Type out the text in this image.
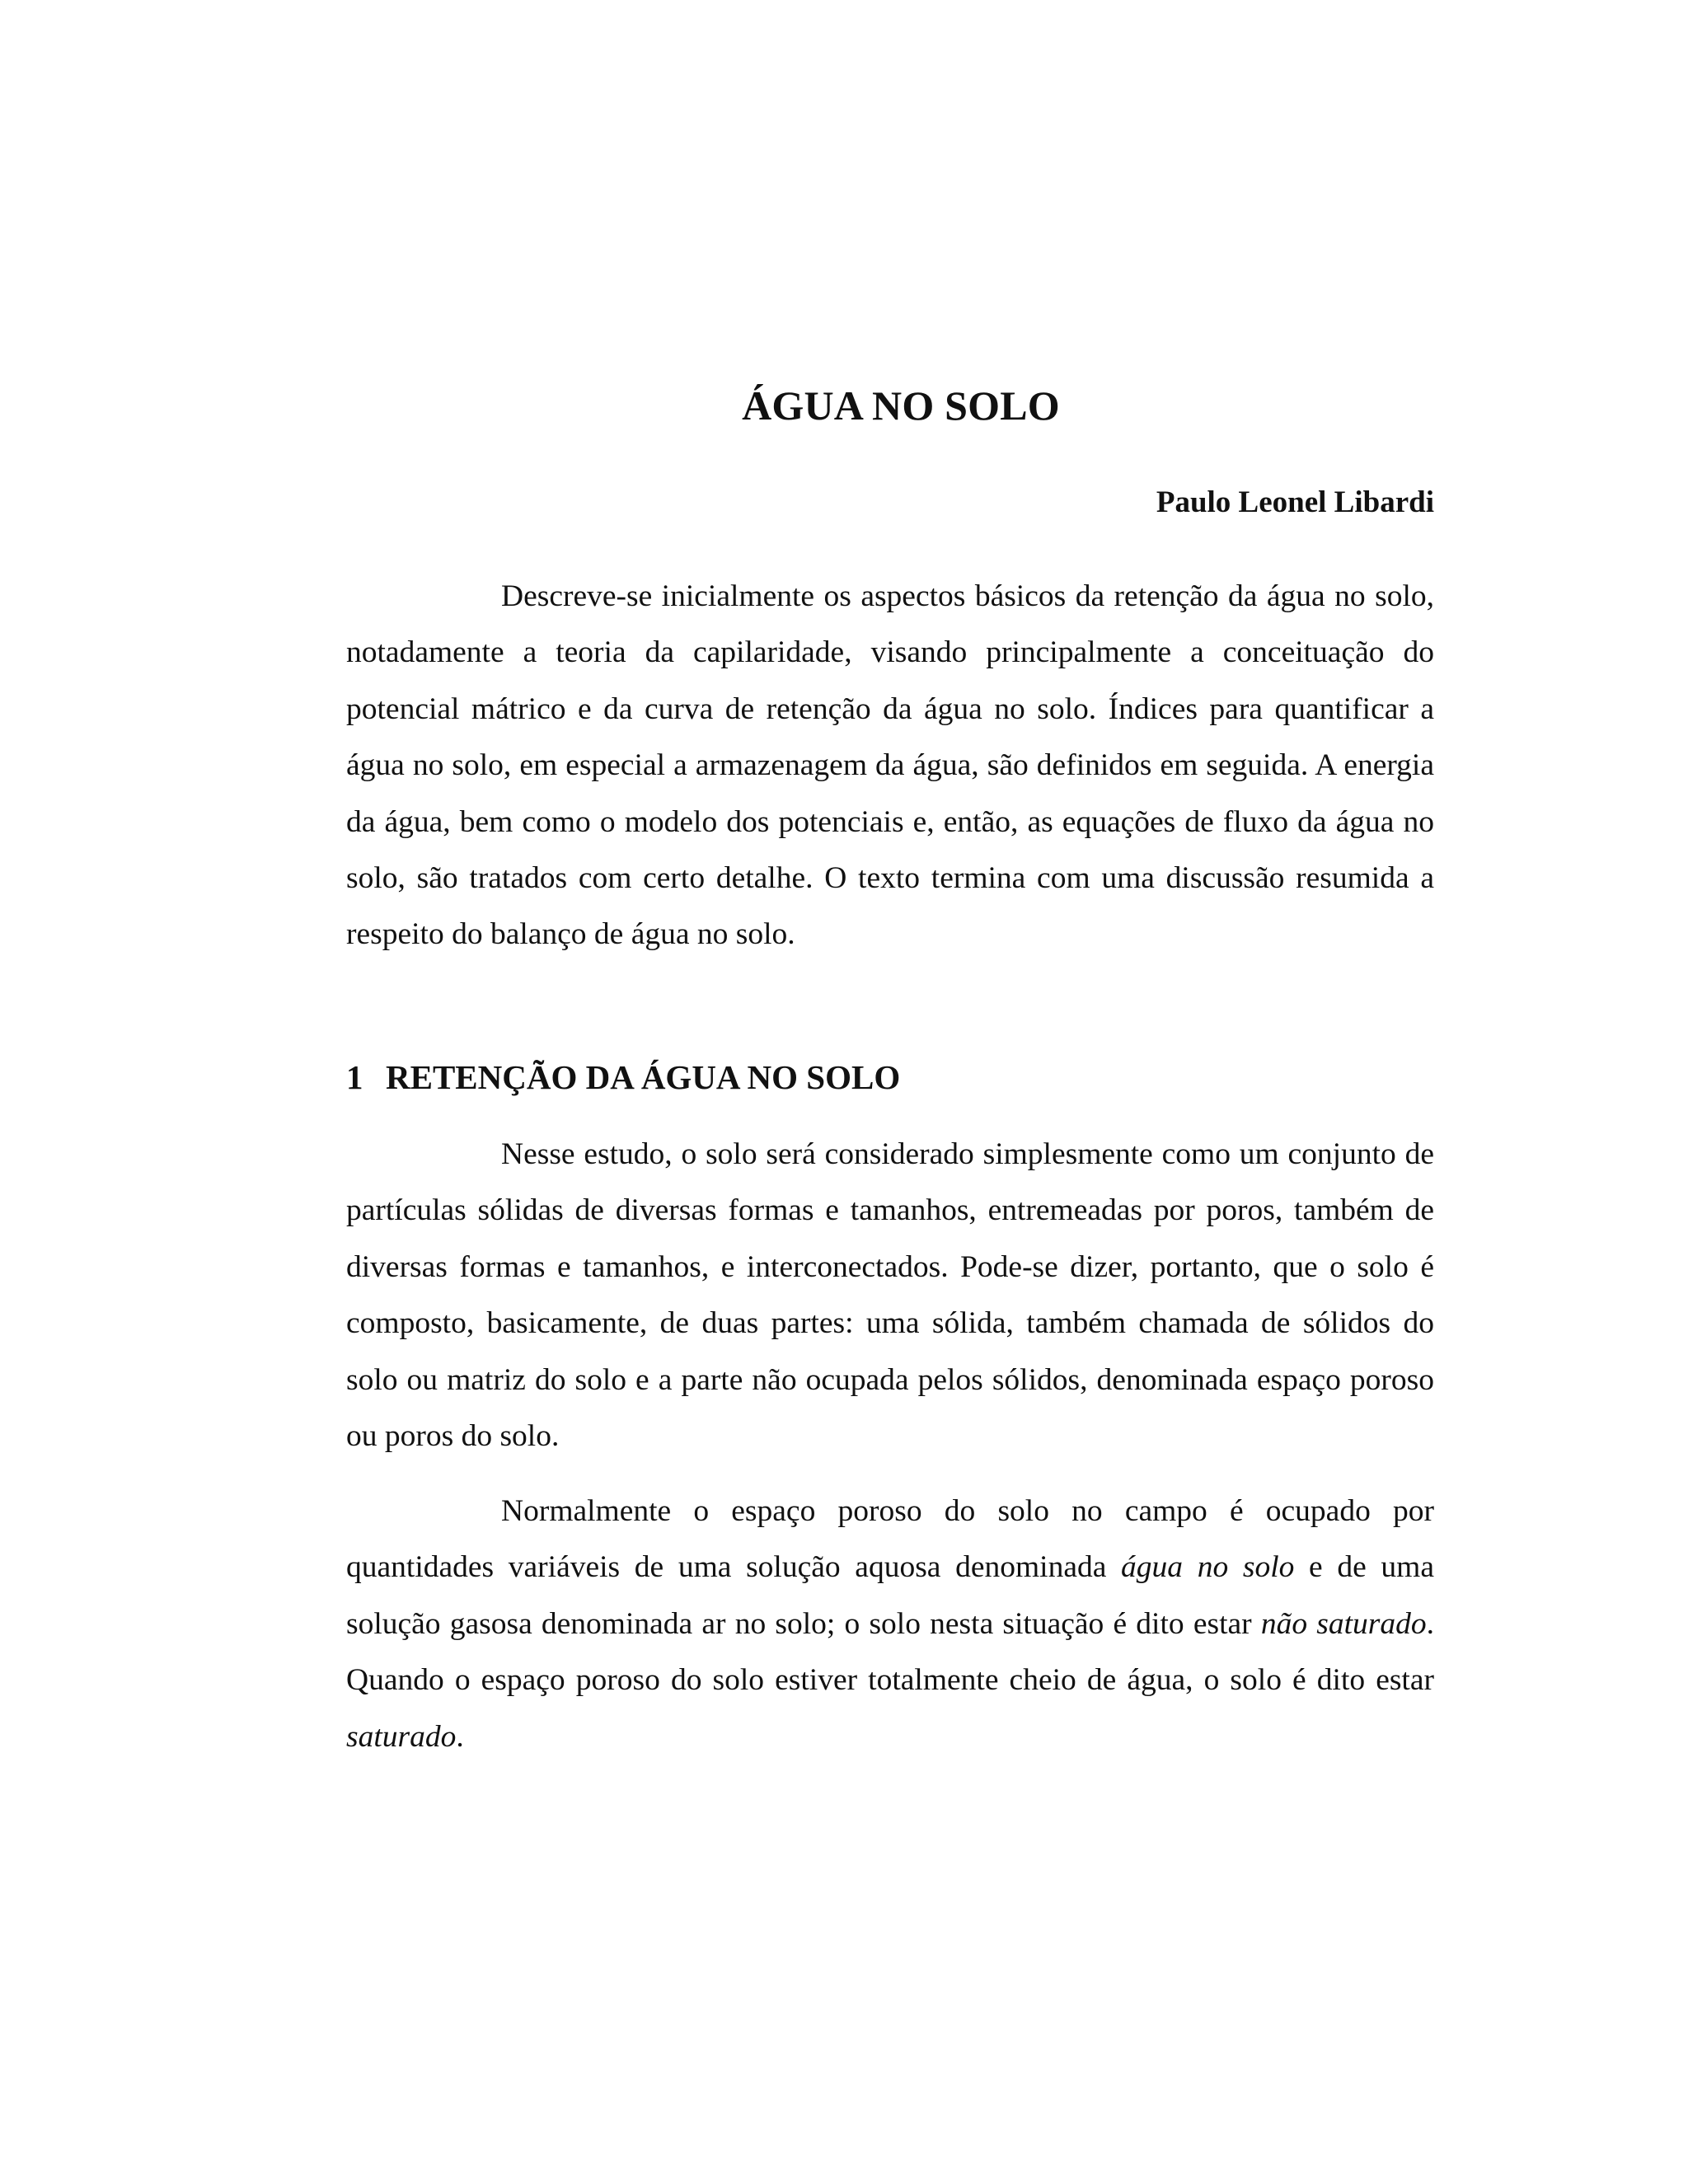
ÁGUA NO SOLO
Paulo Leonel Libardi

Descreve-se inicialmente os aspectos básicos da retenção da água no solo, notadamente a teoria da capilaridade, visando principalmente a conceituação do potencial mátrico e da curva de retenção da água no solo. Índices para quantificar a água no solo, em especial a armazenagem da água, são definidos em seguida. A energia da água, bem como o modelo dos potenciais e, então, as equações de fluxo da água no solo, são tratados com certo detalhe. O texto termina com uma discussão resumida a respeito do balanço de água no solo.

1 RETENÇÃO DA ÁGUA NO SOLO

Nesse estudo, o solo será considerado simplesmente como um conjunto de partículas sólidas de diversas formas e tamanhos, entremeadas por poros, também de diversas formas e tamanhos, e interconectados. Pode-se dizer, portanto, que o solo é composto, basicamente, de duas partes: uma sólida, também chamada de sólidos do solo ou matriz do solo e a parte não ocupada pelos sólidos, denominada espaço poroso ou poros do solo.

Normalmente o espaço poroso do solo no campo é ocupado por quantidades variáveis de uma solução aquosa denominada água no solo e de uma solução gasosa denominada ar no solo; o solo nesta situação é dito estar não saturado. Quando o espaço poroso do solo estiver totalmente cheio de água, o solo é dito estar saturado.
